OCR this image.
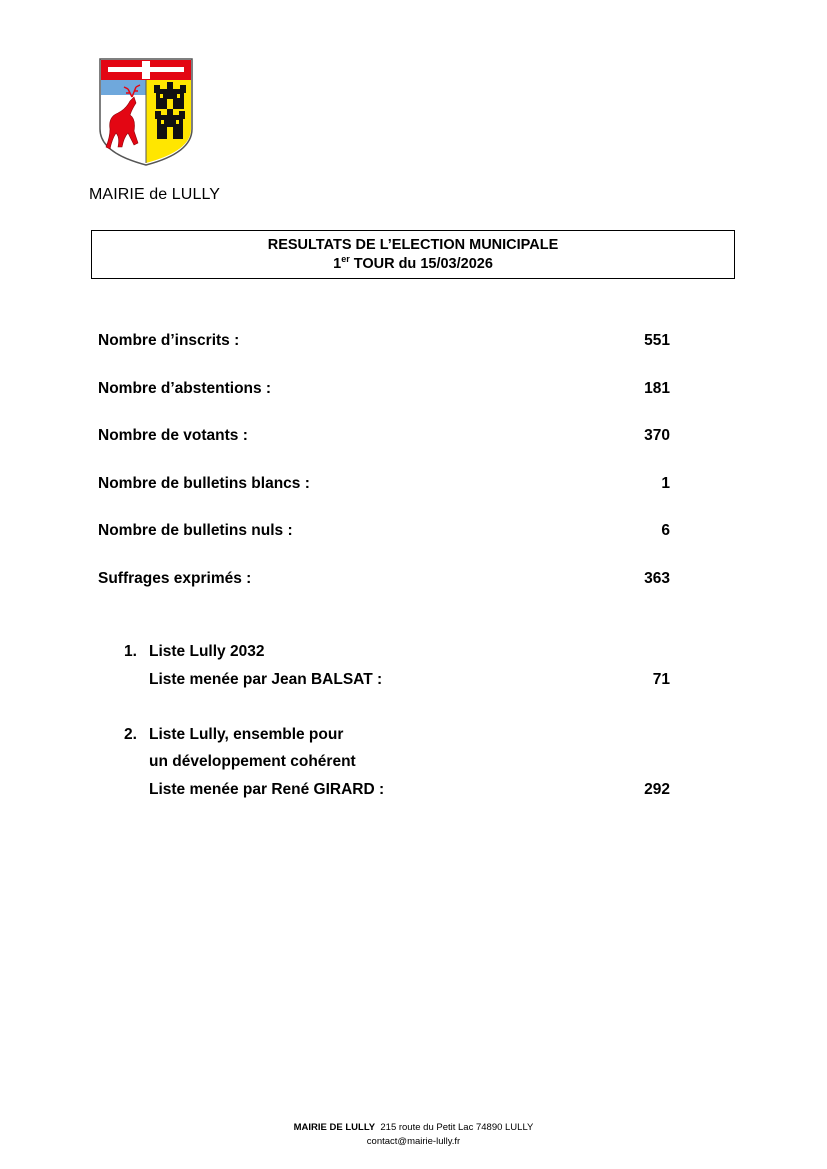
MAIRIE de LULLY
RESULTATS DE L’ELECTION MUNICIPALE
1er TOUR du 15/03/2026
Nombre d’inscrits :	551
Nombre d’abstentions :	181
Nombre de votants :	370
Nombre de bulletins blancs :	1
Nombre de bulletins nuls :	6
Suffrages exprimés :	363
1. Liste Lully 2032
Liste menée par Jean BALSAT :	71
2. Liste Lully, ensemble pour
un développement cohérent
Liste menée par René GIRARD :	292
MAIRIE DE LULLY 215 route du Petit Lac 74890 LULLY
contact@mairie-lully.fr
